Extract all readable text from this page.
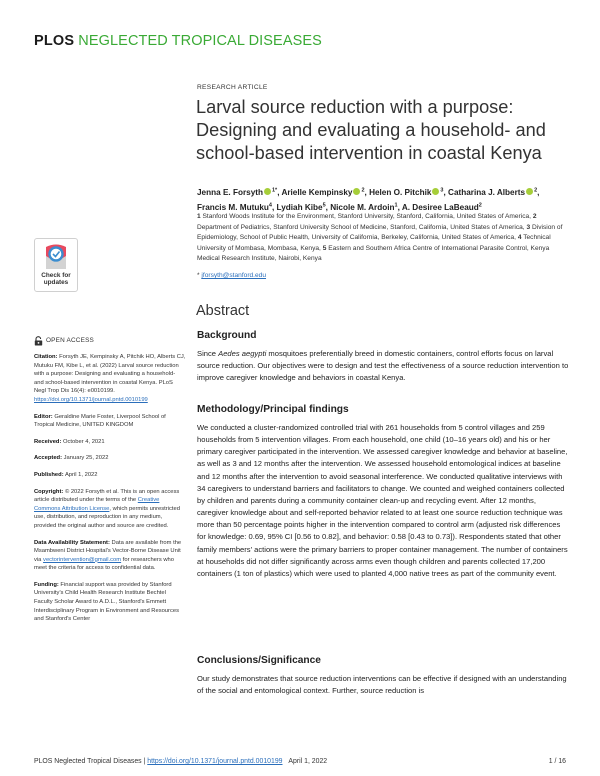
PLOS NEGLECTED TROPICAL DISEASES
RESEARCH ARTICLE
Larval source reduction with a purpose: Designing and evaluating a household- and school-based intervention in coastal Kenya
Jenna E. Forsyth $^{1*}$, Arielle Kempinsky $^2$, Helen O. Pitchik $^3$, Catharina J. Alberts $^2$, Francis M. Mutuku$^4$, Lydiah Kibe$^5$, Nicole M. Ardoin$^1$, A. Desiree LaBeaud$^2$
1 Stanford Woods Institute for the Environment, Stanford University, Stanford, California, United States of America, 2 Department of Pediatrics, Stanford University School of Medicine, Stanford, California, United States of America, 3 Division of Epidemiology, School of Public Health, University of California, Berkeley, California, United States of America, 4 Technical University of Mombasa, Mombasa, Kenya, 5 Eastern and Southern Africa Centre of International Parasite Control, Kenya Medical Research Institute, Nairobi, Kenya
* jforsyth@stanford.edu
Check for
updates
OPEN ACCESS
Citation: Forsyth JE, Kempinsky A, Pitchik HO, Alberts CJ, Mutuku FM, Kibe L, et al. (2022) Larval source reduction with a purpose: Designing and evaluating a household- and school-based intervention in coastal Kenya. PLoS Negl Trop Dis 16(4): e0010199. https://doi.org/10.1371/journal.pntd.0010199
Editor: Geraldine Marie Foster, Liverpool School of Tropical Medicine, UNITED KINGDOM
Received: October 4, 2021
Accepted: January 25, 2022
Published: April 1, 2022
Copyright: © 2022 Forsyth et al. This is an open access article distributed under the terms of the Creative Commons Attribution License, which permits unrestricted use, distribution, and reproduction in any medium, provided the original author and source are credited.
Data Availability Statement: Data are available from the Msambweni District Hospital's Vector-Borne Disease Unit via vectorintervention@gmail.com for researchers who meet the criteria for access to confidential data.
Funding: Financial support was provided by Stanford University's Child Health Research Institute Bechtel Faculty Scholar Award to A.D.L., Stanford's Emmett Interdisciplinary Program in Environment and Resources and Stanford's Center
Abstract
Background

Since Aedes aegypti mosquitoes preferentially breed in domestic containers, control efforts focus on larval source reduction. Our objectives were to design and test the effectiveness of a source reduction intervention to improve caregiver knowledge and behaviors in coastal Kenya.

Methodology/Principal findings

We conducted a cluster-randomized controlled trial with 261 households from 5 control villages and 259 households from 5 intervention villages. From each household, one child (10–16 years old) and his or her primary caregiver participated in the intervention. We assessed caregiver knowledge and behavior at baseline, as well as 3 and 12 months after the intervention. We assessed household entomological indices at baseline and 12 months after the intervention to avoid seasonal interference. We conducted qualitative interviews with 34 caregivers to understand barriers and facilitators to change. We counted and weighed containers collected by children and parents during a community container clean-up and recycling event. After 12 months, caregiver knowledge about and self-reported behavior related to at least one source reduction technique was more than 50 percentage points higher in the intervention compared to control arm (adjusted risk differences for knowledge: 0.69, 95% CI [0.56 to 0.82], and behavior: 0.58 [0.43 to 0.73]). Respondents stated that other family members' actions were the primary barriers to proper container management. The number of containers at households did not differ significantly across arms even though children and parents collected 17,200 containers (1 ton of plastics) which were used to planted 4,000 native trees as part of the community event.

Conclusions/Significance

Our study demonstrates that source reduction interventions can be effective if designed with an understanding of the social and entomological context. Further, source reduction is

PLOS Neglected Tropical Diseases | https://doi.org/10.1371/journal.pntd.0010199 April 1, 2022	1 / 16
